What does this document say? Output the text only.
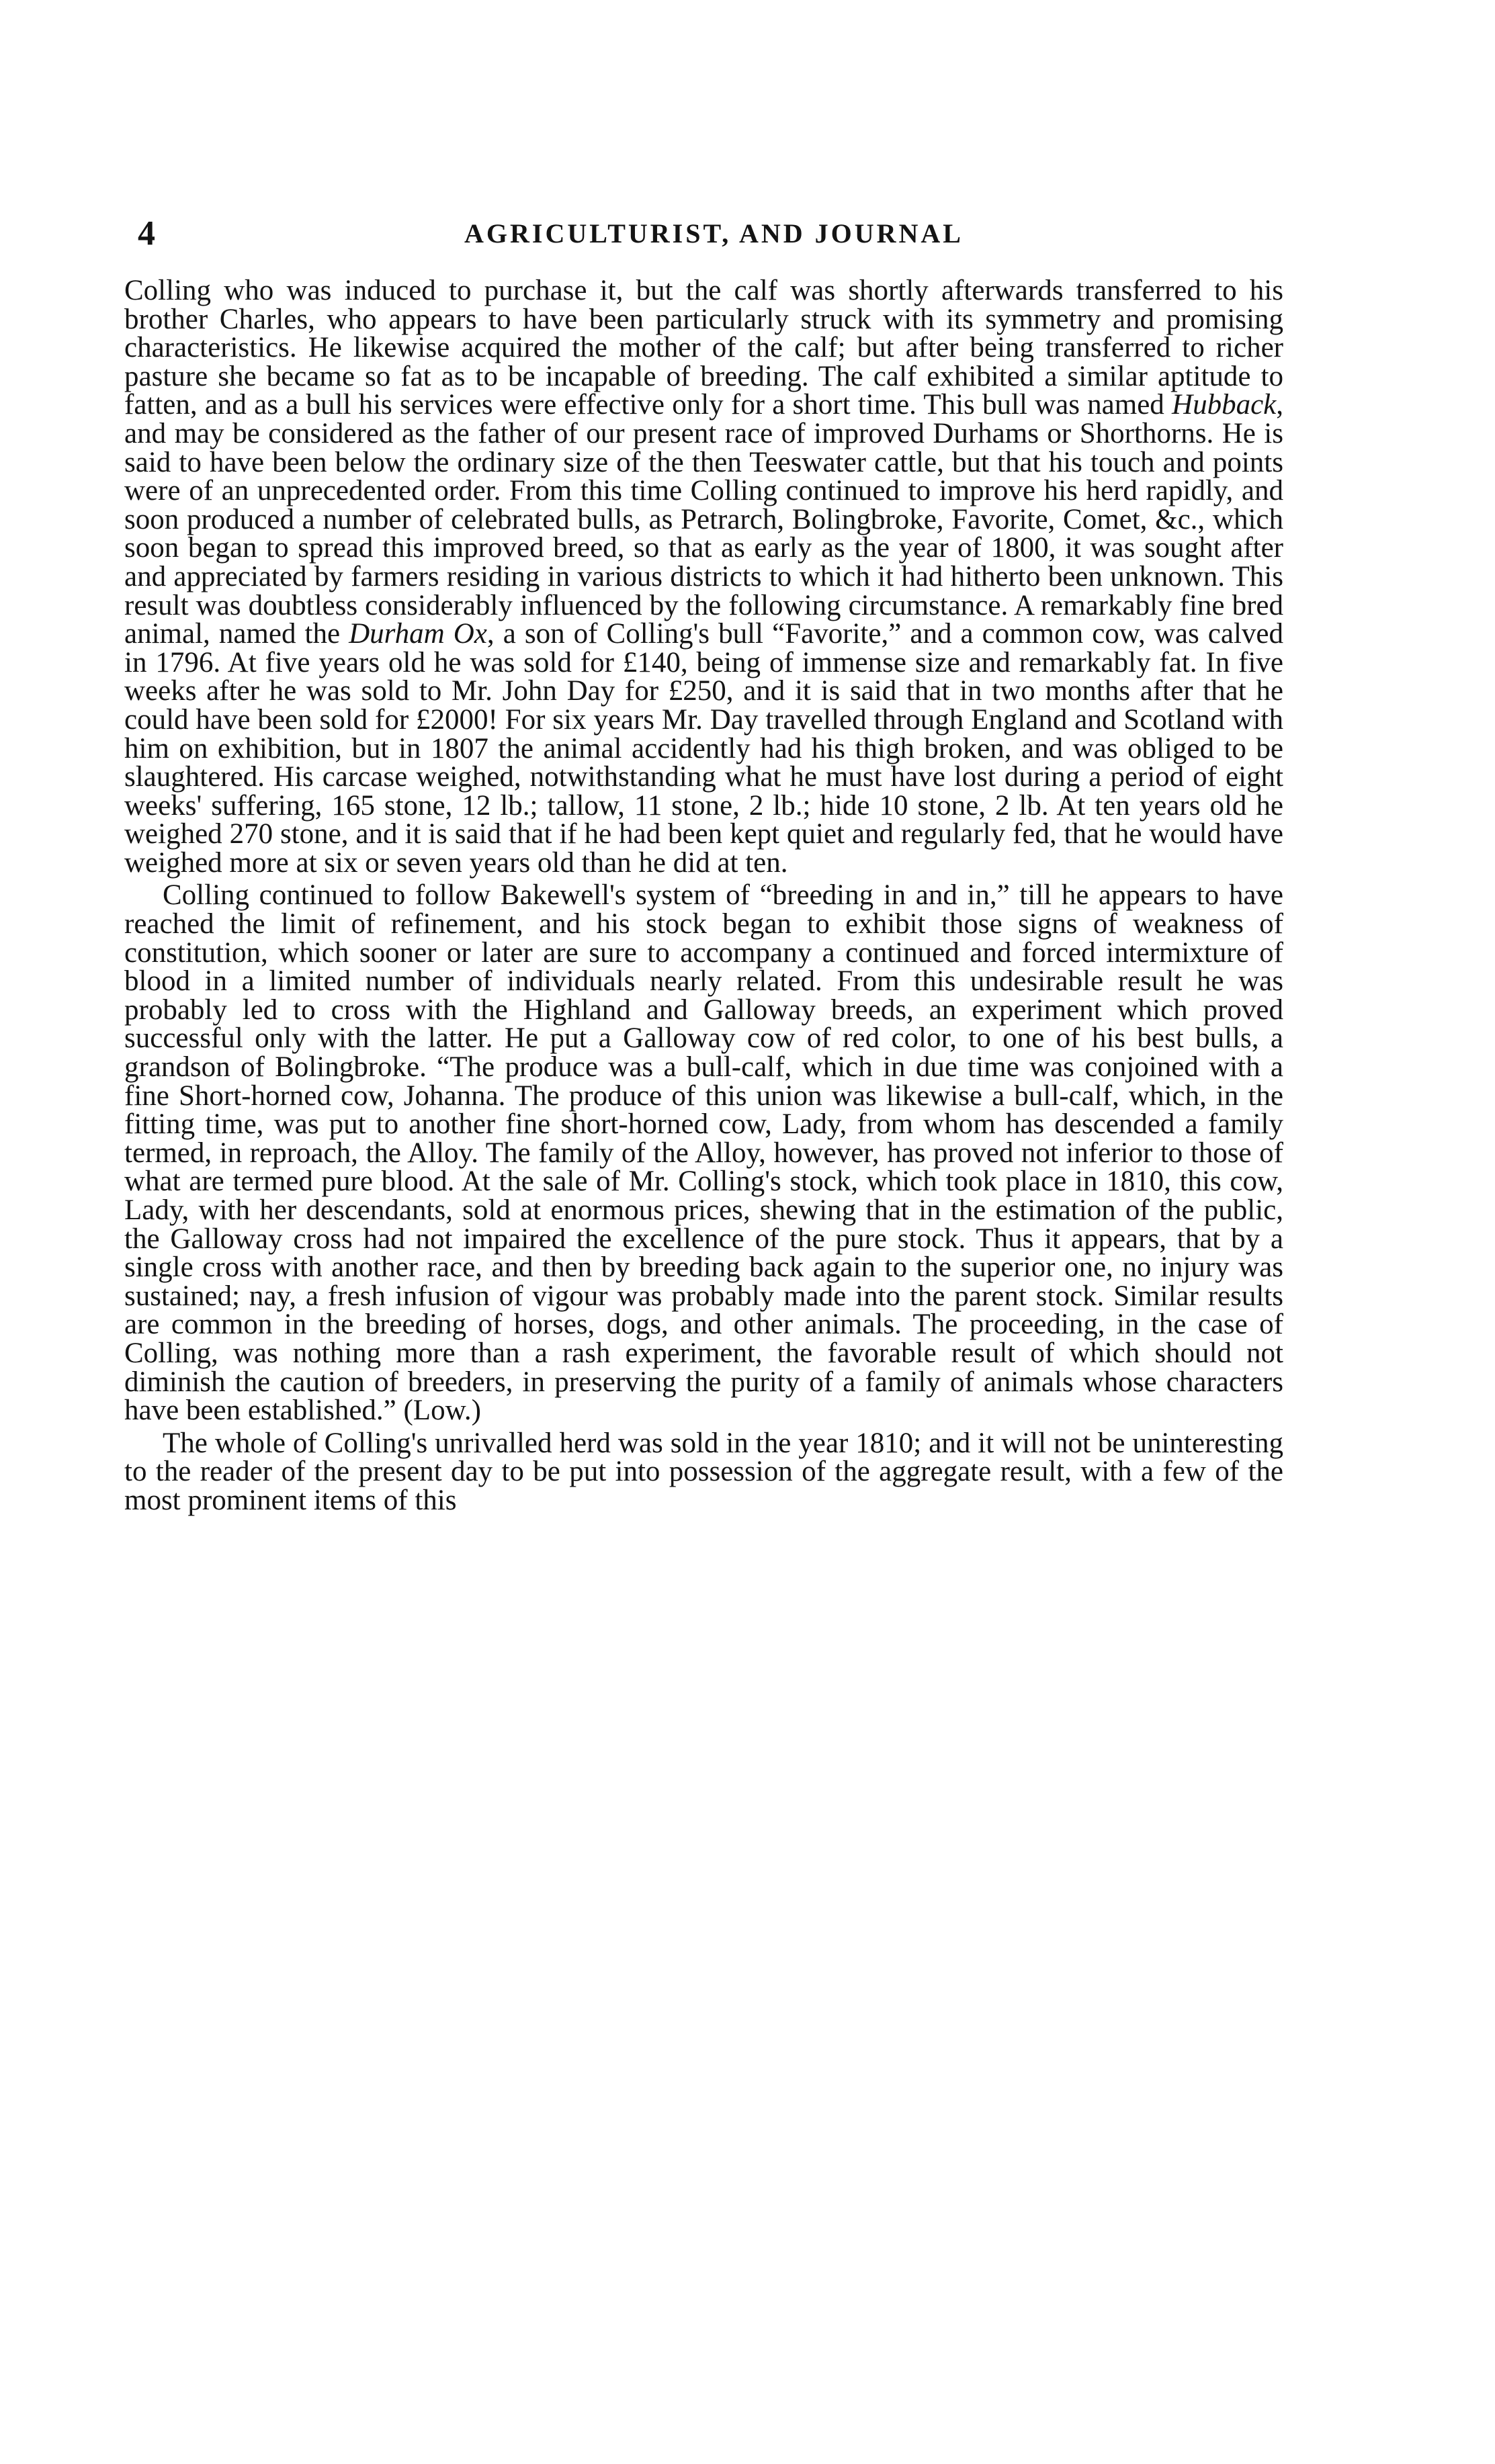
4	AGRICULTURIST, AND JOURNAL

Colling who was induced to purchase it, but the calf was shortly afterwards transferred to his brother Charles, who appears to have been particularly struck with its symmetry and promising characteristics. He likewise acquired the mother of the calf; but after being transferred to richer pasture she became so fat as to be incapable of breeding. The calf exhibited a similar aptitude to fatten, and as a bull his services were effective only for a short time. This bull was named Hubback, and may be considered as the father of our present race of improved Durhams or Shorthorns. He is said to have been below the ordinary size of the then Teeswater cattle, but that his touch and points were of an unprecedented order. From this time Colling continued to improve his herd rapidly, and soon produced a number of celebrated bulls, as Petrarch, Bolingbroke, Favorite, Comet, &c., which soon began to spread this improved breed, so that as early as the year of 1800, it was sought after and appreciated by farmers residing in various districts to which it had hitherto been unknown. This result was doubtless considerably influenced by the following circumstance. A remarkably fine bred animal, named the Durham Ox, a son of Colling's bull “Favorite,” and a common cow, was calved in 1796. At five years old he was sold for £140, being of immense size and remarkably fat. In five weeks after he was sold to Mr. John Day for £250, and it is said that in two months after that he could have been sold for £2000! For six years Mr. Day travelled through England and Scotland with him on exhibition, but in 1807 the animal accidently had his thigh broken, and was obliged to be slaughtered. His carcase weighed, notwithstanding what he must have lost during a period of eight weeks' suffering, 165 stone, 12 lb.; tallow, 11 stone, 2 lb.; hide 10 stone, 2 lb. At ten years old he weighed 270 stone, and it is said that if he had been kept quiet and regularly fed, that he would have weighed more at six or seven years old than he did at ten.

Colling continued to follow Bakewell's system of “breeding in and in,” till he appears to have reached the limit of refinement, and his stock began to exhibit those signs of weakness of constitution, which sooner or later are sure to accompany a continued and forced intermixture of blood in a limited number of individuals nearly related. From this undesirable result he was probably led to cross with the Highland and Galloway breeds, an experiment which proved successful only with the latter. He put a Galloway cow of red color, to one of his best bulls, a grandson of Bolingbroke. “The produce was a bull-calf, which in due time was conjoined with a fine Short-horned cow, Johanna. The produce of this union was likewise a bull-calf, which, in the fitting time, was put to another fine short-horned cow, Lady, from whom has descended a family termed, in reproach, the Alloy. The family of the Alloy, however, has proved not inferior to those of what are termed pure blood. At the sale of Mr. Colling's stock, which took place in 1810, this cow, Lady, with her descendants, sold at enormous prices, shewing that in the estimation of the public, the Galloway cross had not impaired the excellence of the pure stock. Thus it appears, that by a single cross with another race, and then by breeding back again to the superior one, no injury was sustained; nay, a fresh infusion of vigour was probably made into the parent stock. Similar results are common in the breeding of horses, dogs, and other animals. The proceeding, in the case of Colling, was nothing more than a rash experiment, the favorable result of which should not diminish the caution of breeders, in preserving the purity of a family of animals whose characters have been established.” (Low.)

The whole of Colling's unrivalled herd was sold in the year 1810; and it will not be uninteresting to the reader of the present day to be put into possession of the aggregate result, with a few of the most prominent items of this
